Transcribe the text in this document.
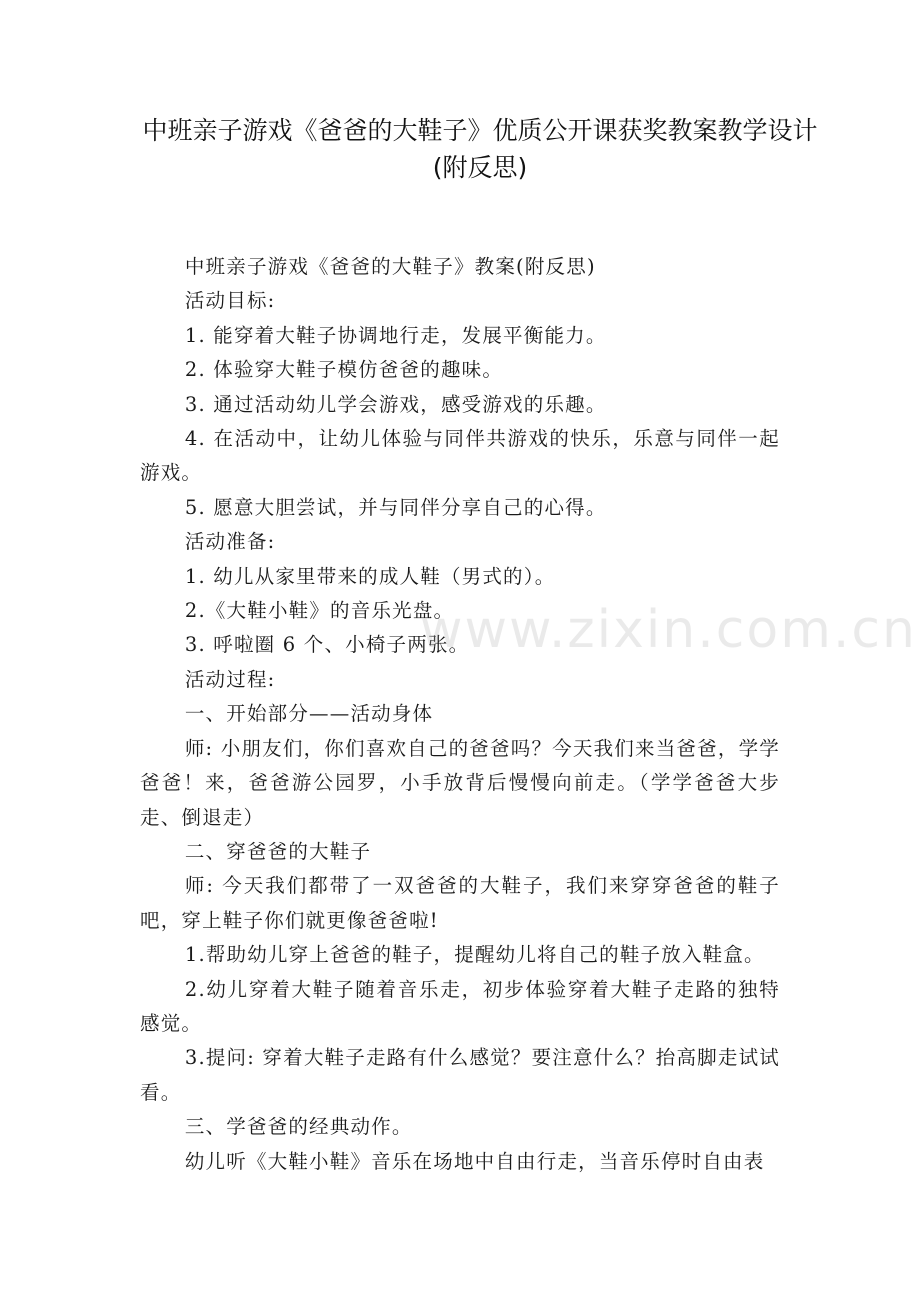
中班亲子游戏《爸爸的大鞋子》优质公开课获奖教案教学设计(附反思)

中班亲子游戏《爸爸的大鞋子》教案(附反思)

活动目标:

1. 能穿着大鞋子协调地行走，发展平衡能力。

2. 体验穿大鞋子模仿爸爸的趣味。

3. 通过活动幼儿学会游戏，感受游戏的乐趣。

4. 在活动中，让幼儿体验与同伴共游戏的快乐，乐意与同伴一起游戏。

5. 愿意大胆尝试，并与同伴分享自己的心得。

活动准备:

1. 幼儿从家里带来的成人鞋（男式的）。

2.《大鞋小鞋》的音乐光盘。

3. 呼啦圈 6 个、小椅子两张。

活动过程:

一、开始部分——活动身体

师: 小朋友们，你们喜欢自己的爸爸吗？今天我们来当爸爸，学学爸爸！来，爸爸游公园罗，小手放背后慢慢向前走。（学学爸爸大步走、倒退走）

二、穿爸爸的大鞋子

师: 今天我们都带了一双爸爸的大鞋子，我们来穿穿爸爸的鞋子吧，穿上鞋子你们就更像爸爸啦!

1.帮助幼儿穿上爸爸的鞋子，提醒幼儿将自己的鞋子放入鞋盒。

2.幼儿穿着大鞋子随着音乐走，初步体验穿着大鞋子走路的独特感觉。

3.提问: 穿着大鞋子走路有什么感觉？要注意什么？抬高脚走试试看。

三、学爸爸的经典动作。

幼儿听《大鞋小鞋》音乐在场地中自由行走，当音乐停时自由表

www.zixin.com.cn
